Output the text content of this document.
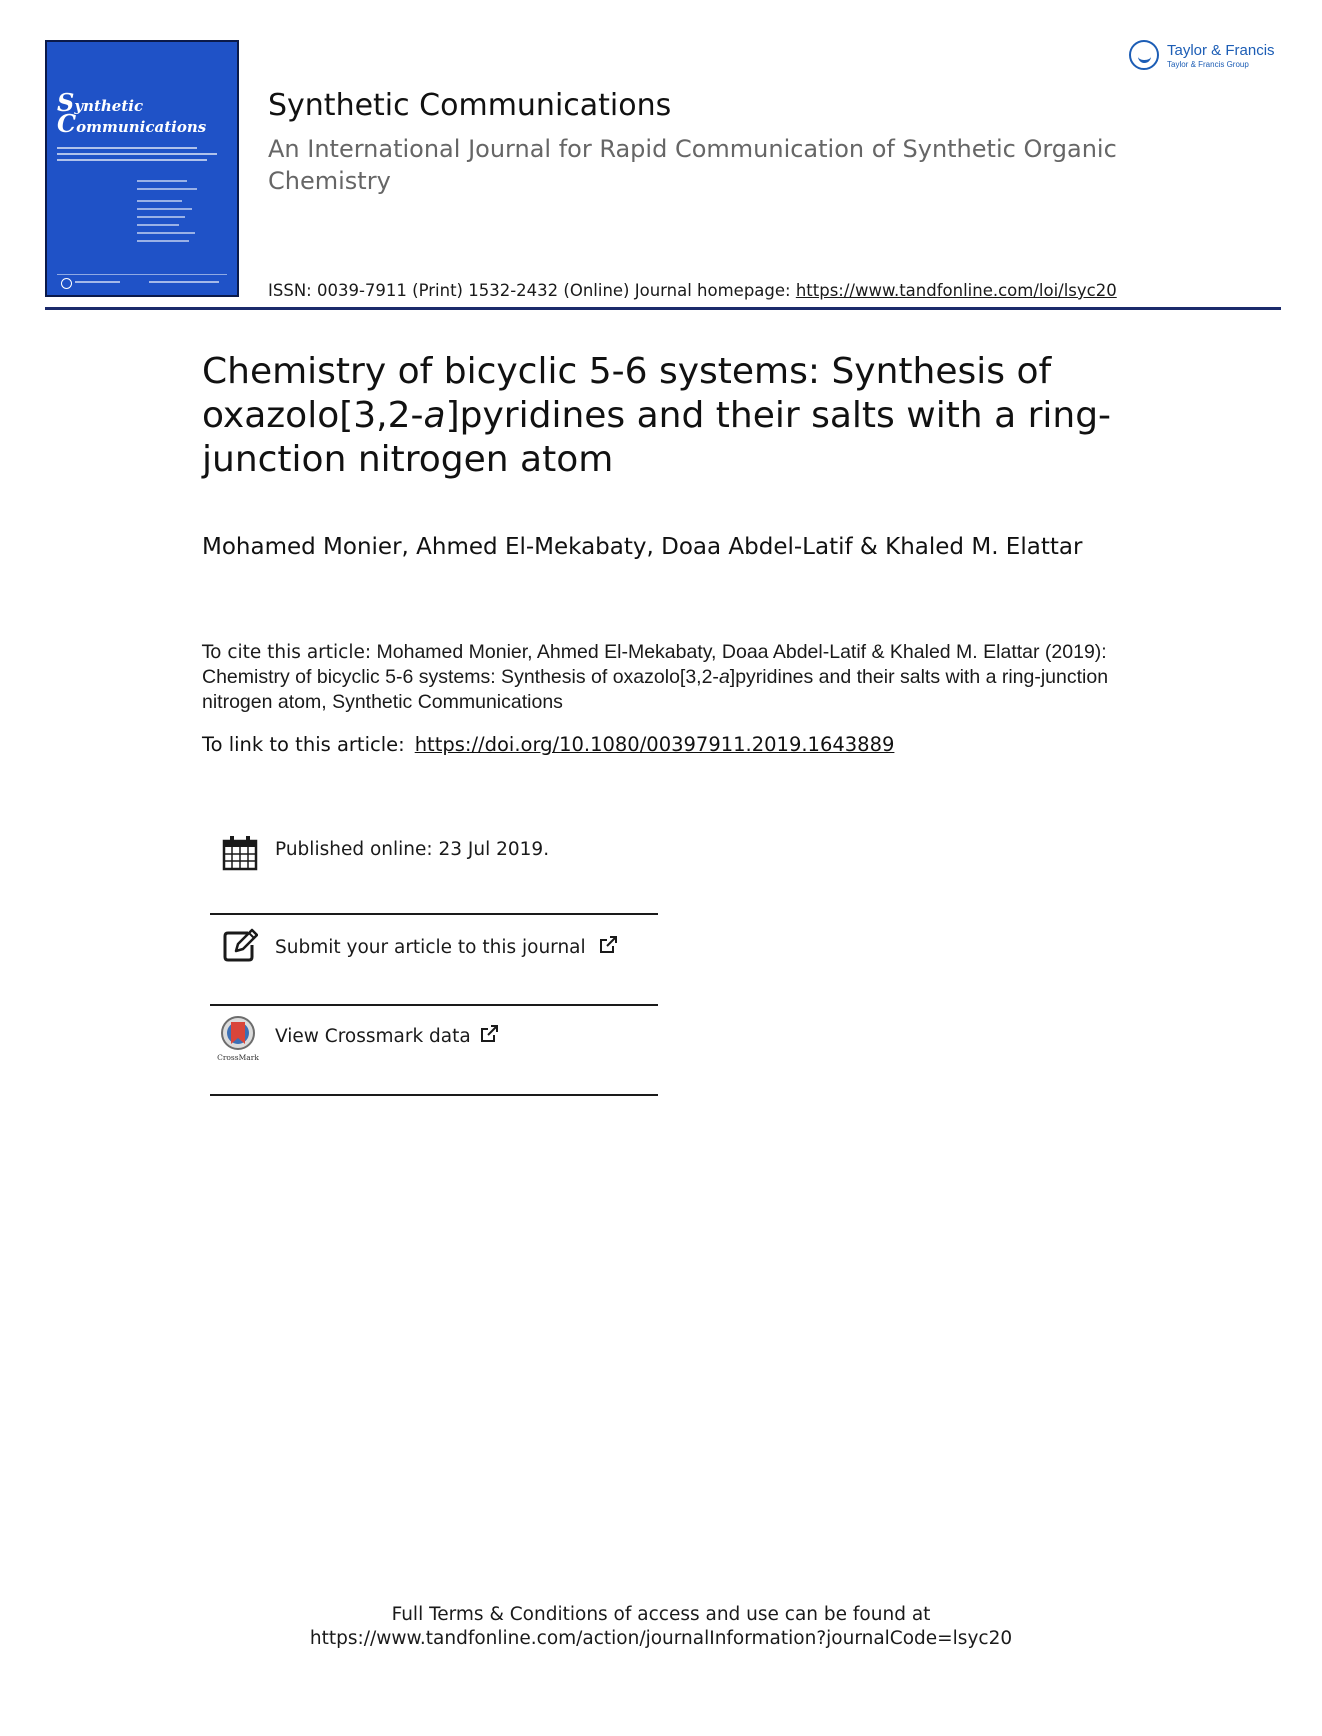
Synthetic
Communications
Taylor & Francis
Taylor & Francis Group
Synthetic Communications
An International Journal for Rapid Communication of Synthetic Organic Chemistry
ISSN: 0039-7911 (Print) 1532-2432 (Online) Journal homepage: https://www.tandfonline.com/loi/lsyc20
Chemistry of bicyclic 5-6 systems: Synthesis of oxazolo[3,2-a]pyridines and their salts with a ring-junction nitrogen atom
Mohamed Monier, Ahmed El-Mekabaty, Doaa Abdel-Latif & Khaled M. Elattar
To cite this article: Mohamed Monier, Ahmed El-Mekabaty, Doaa Abdel-Latif & Khaled M. Elattar (2019): Chemistry of bicyclic 5-6 systems: Synthesis of oxazolo[3,2-a]pyridines and their salts with a ring-junction nitrogen atom, Synthetic Communications
To link to this article: https://doi.org/10.1080/00397911.2019.1643889
Published online: 23 Jul 2019.
Submit your article to this journal
CrossMark
View Crossmark data
Full Terms & Conditions of access and use can be found at
https://www.tandfonline.com/action/journalInformation?journalCode=lsyc20
